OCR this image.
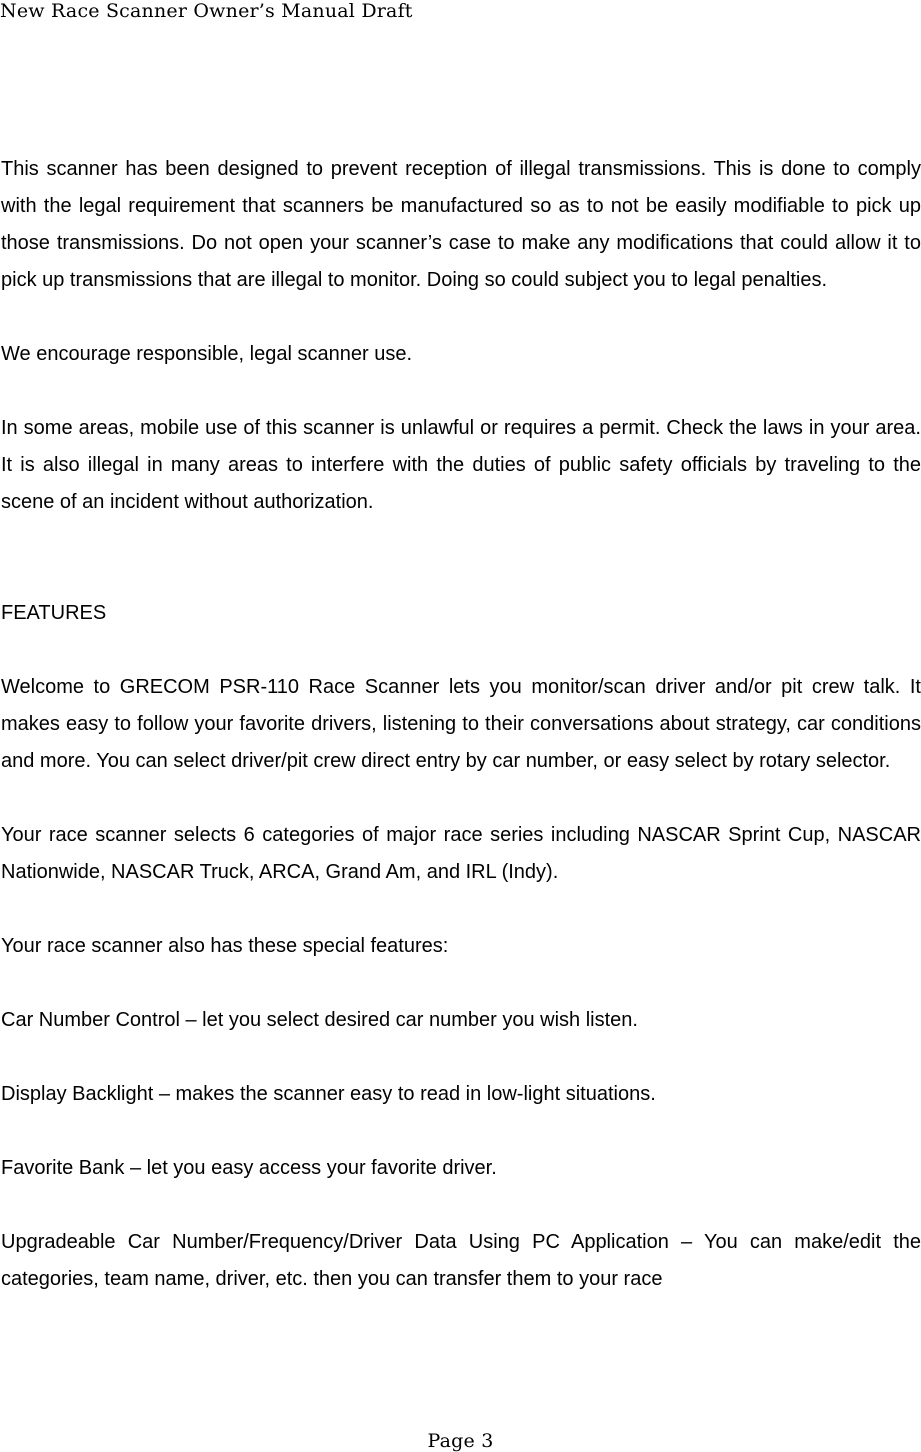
New Race Scanner Owner’s Manual Draft

This scanner has been designed to prevent reception of illegal transmissions. This is done to comply with the legal requirement that scanners be manufactured so as to not be easily modifiable to pick up those transmissions. Do not open your scanner’s case to make any modifications that could allow it to pick up transmissions that are illegal to monitor. Doing so could subject you to legal penalties.

We encourage responsible, legal scanner use.

In some areas, mobile use of this scanner is unlawful or requires a permit. Check the laws in your area. It is also illegal in many areas to interfere with the duties of public safety officials by traveling to the scene of an incident without authorization.

FEATURES

Welcome to GRECOM PSR-110 Race Scanner lets you monitor/scan driver and/or pit crew talk. It makes easy to follow your favorite drivers, listening to their conversations about strategy, car conditions and more. You can select driver/pit crew direct entry by car number, or easy select by rotary selector.

Your race scanner selects 6 categories of major race series including NASCAR Sprint Cup, NASCAR Nationwide, NASCAR Truck, ARCA, Grand Am, and IRL (Indy).

Your race scanner also has these special features:

Car Number Control – let you select desired car number you wish listen.

Display Backlight – makes the scanner easy to read in low-light situations.

Favorite Bank – let you easy access your favorite driver.

Upgradeable Car Number/Frequency/Driver Data Using PC Application – You can make/edit the categories, team name, driver, etc. then you can transfer them to your race

Page 3
